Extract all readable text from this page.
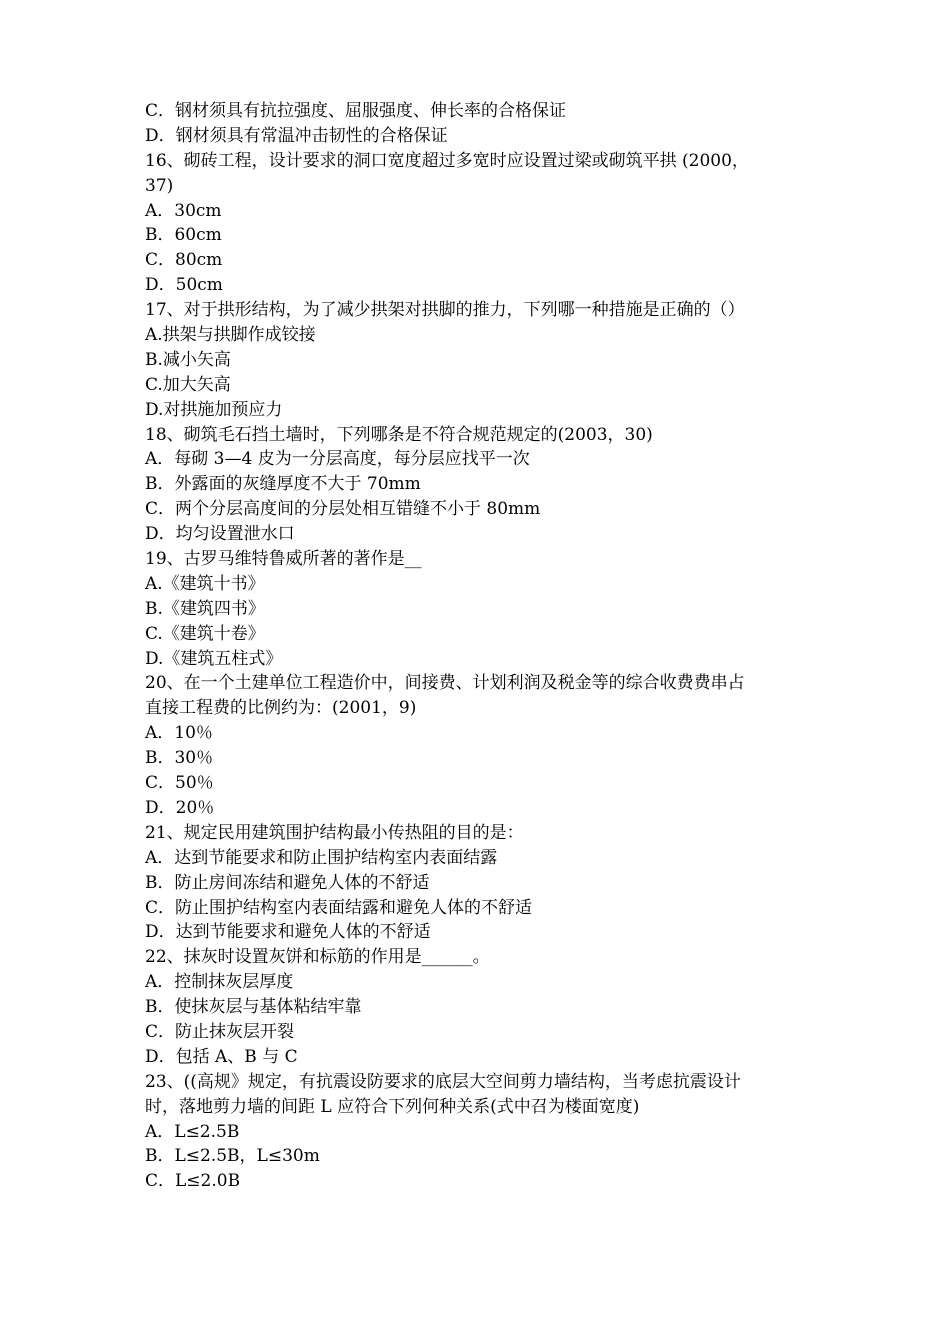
C．钢材须具有抗拉强度、屈服强度、伸长率的合格保证
D．钢材须具有常温冲击韧性的合格保证
16、砌砖工程，设计要求的洞口宽度超过多宽时应设置过梁或砌筑平拱 (2000，
37)
A．30cm
B．60cm
C．80cm
D．50cm
17、对于拱形结构，为了减少拱架对拱脚的推力，下列哪一种措施是正确的（）
A.拱架与拱脚作成铰接
B.减小矢高
C.加大矢高
D.对拱施加预应力
18、砌筑毛石挡土墙时，下列哪条是不符合规范规定的(2003，30)
A．每砌 3—4 皮为一分层高度，每分层应找平一次
B．外露面的灰缝厚度不大于 70mm
C．两个分层高度间的分层处相互错缝不小于 80mm
D．均匀设置泄水口
19、古罗马维特鲁威所著的著作是__
A.《建筑十书》
B.《建筑四书》
C.《建筑十卷》
D.《建筑五柱式》
20、在一个土建单位工程造价中，间接费、计划利润及税金等的综合收费费串占
直接工程费的比例约为：(2001，9)
A．10％
B．30％
C．50％
D．20％
21、规定民用建筑围护结构最小传热阻的目的是：
A．达到节能要求和防止围护结构室内表面结露
B．防止房间冻结和避免人体的不舒适
C．防止围护结构室内表面结露和避免人体的不舒适
D．达到节能要求和避免人体的不舒适
22、抹灰时设置灰饼和标筋的作用是______。
A．控制抹灰层厚度
B．使抹灰层与基体粘结牢靠
C．防止抹灰层开裂
D．包括 A、B 与 C
23、((高规》规定，有抗震设防要求的底层大空间剪力墙结构，当考虑抗震设计
时，落地剪力墙的间距 L 应符合下列何种关系(式中召为楼面宽度)
A．L≤2.5B
B．L≤2.5B，L≤30m
C．L≤2.0B
